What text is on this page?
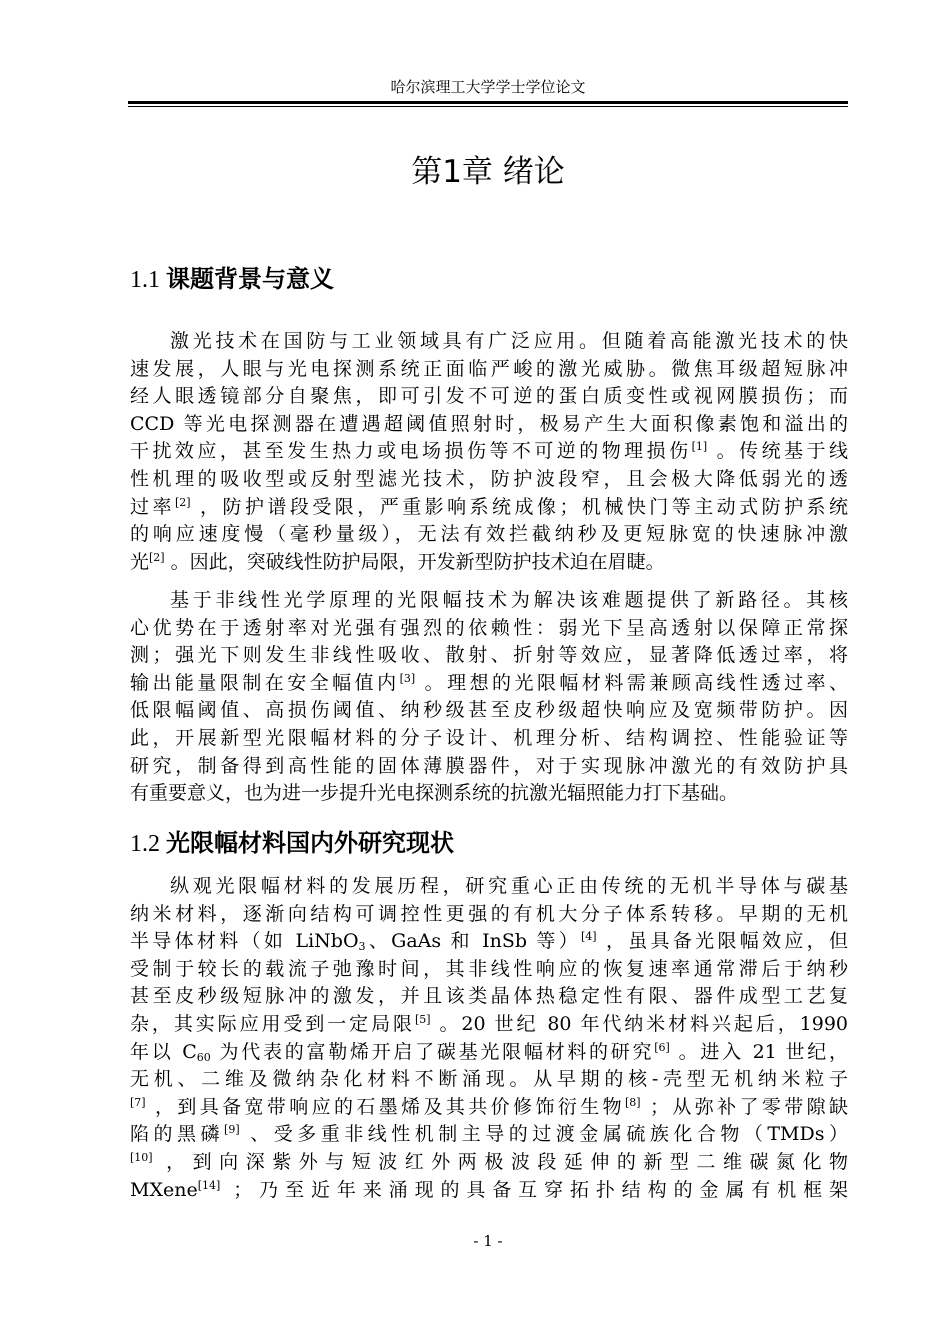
哈尔滨理工大学学士学位论文
第1章 绪论
1.1 课题背景与意义
激光技术在国防与工业领域具有广泛应用。但随着高能激光技术的快
速发展，人眼与光电探测系统正面临严峻的激光威胁。微焦耳级超短脉冲
经人眼透镜部分自聚焦，即可引发不可逆的蛋白质变性或视网膜损伤；而
CCD 等光电探测器在遭遇超阈值照射时，极易产生大面积像素饱和溢出的
干扰效应，甚至发生热力或电场损伤等不可逆的物理损伤[1] 。传统基于线
性机理的吸收型或反射型滤光技术，防护波段窄，且会极大降低弱光的透
过率[2] ，防护谱段受限，严重影响系统成像；机械快门等主动式防护系统
的响应速度慢（毫秒量级），无法有效拦截纳秒及更短脉宽的快速脉冲激
光[2] 。因此，突破线性防护局限，开发新型防护技术迫在眉睫。
基于非线性光学原理的光限幅技术为解决该难题提供了新路径。其核
心优势在于透射率对光强有强烈的依赖性：弱光下呈高透射以保障正常探
测；强光下则发生非线性吸收、散射、折射等效应，显著降低透过率，将
输出能量限制在安全幅值内[3] 。理想的光限幅材料需兼顾高线性透过率、
低限幅阈值、高损伤阈值、纳秒级甚至皮秒级超快响应及宽频带防护。因
此，开展新型光限幅材料的分子设计、机理分析、结构调控、性能验证等
研究，制备得到高性能的固体薄膜器件，对于实现脉冲激光的有效防护具
有重要意义，也为进一步提升光电探测系统的抗激光辐照能力打下基础。
1.2 光限幅材料国内外研究现状
纵观光限幅材料的发展历程，研究重心正由传统的无机半导体与碳基
纳米材料，逐渐向结构可调控性更强的有机大分子体系转移。早期的无机
半导体材料（如 LiNbO$_3$、GaAs 和 InSb 等）[4] ，虽具备光限幅效应，但
受制于较长的载流子弛豫时间，其非线性响应的恢复速率通常滞后于纳秒
甚至皮秒级短脉冲的激发，并且该类晶体热稳定性有限、器件成型工艺复
杂，其实际应用受到一定局限[5] 。20 世纪 80 年代纳米材料兴起后，1990
年以 $C_{60}$ 为代表的富勒烯开启了碳基光限幅材料的研究[6] 。进入 21 世纪，
无机、二维及微纳杂化材料不断涌现。从早期的核-壳型无机纳米粒子
[7] ，到具备宽带响应的石墨烯及其共价修饰衍生物[8] ；从弥补了零带隙缺
陷的黑磷[9] 、受多重非线性机制主导的过渡金属硫族化合物（TMDs）
[10] ，到向深紫外与短波红外两极波段延伸的新型二维碳氮化物
MXene[14] ；乃至近年来涌现的具备互穿拓扑结构的金属有机框架
- 1 -
